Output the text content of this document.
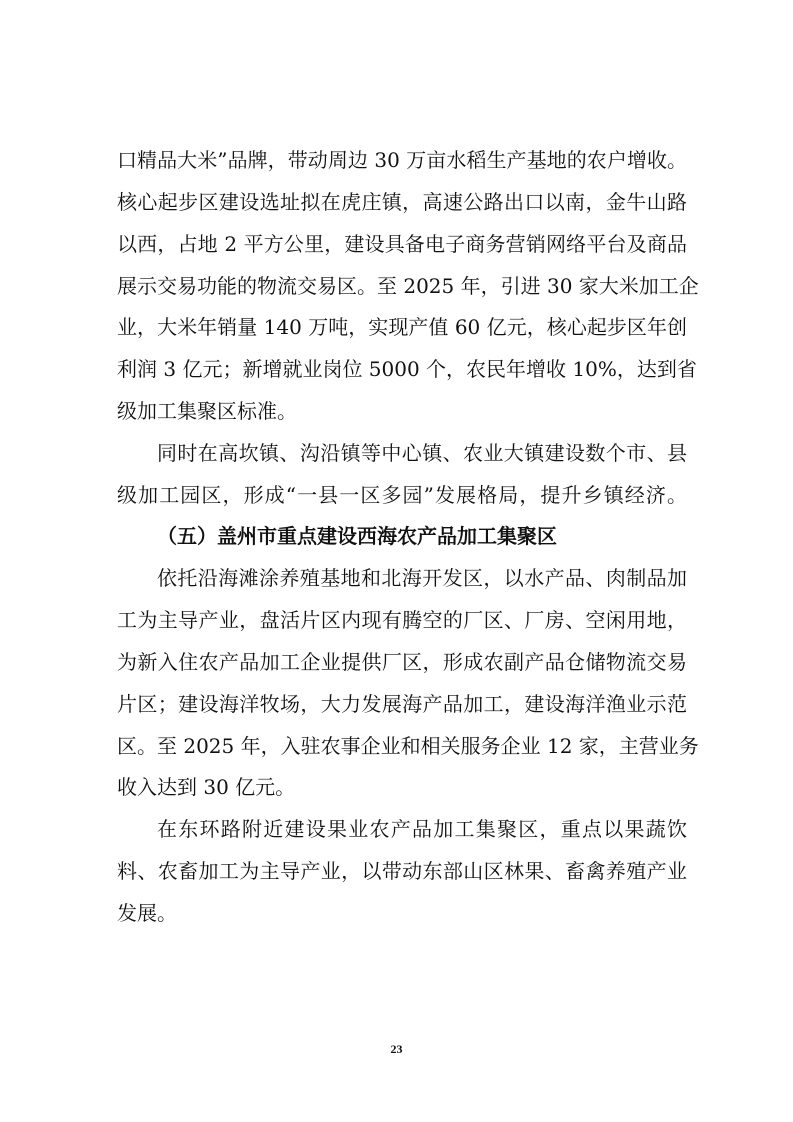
口精品大米”品牌，带动周边 30 万亩水稻生产基地的农户增收。
核心起步区建设选址拟在虎庄镇，高速公路出口以南，金牛山路
以西，占地 2 平方公里，建设具备电子商务营销网络平台及商品
展示交易功能的物流交易区。至 2025 年，引进 30 家大米加工企
业，大米年销量 140 万吨，实现产值 60 亿元，核心起步区年创
利润 3 亿元；新增就业岗位 5000 个，农民年增收 10%，达到省
级加工集聚区标准。
同时在高坎镇、沟沿镇等中心镇、农业大镇建设数个市、县
级加工园区，形成“一县一区多园”发展格局，提升乡镇经济。
（五）盖州市重点建设西海农产品加工集聚区
依托沿海滩涂养殖基地和北海开发区，以水产品、肉制品加
工为主导产业，盘活片区内现有腾空的厂区、厂房、空闲用地，
为新入住农产品加工企业提供厂区，形成农副产品仓储物流交易
片区；建设海洋牧场，大力发展海产品加工，建设海洋渔业示范
区。至 2025 年，入驻农事企业和相关服务企业 12 家，主营业务
收入达到 30 亿元。
在东环路附近建设果业农产品加工集聚区，重点以果蔬饮
料、农畜加工为主导产业，以带动东部山区林果、畜禽养殖产业
发展。
23
